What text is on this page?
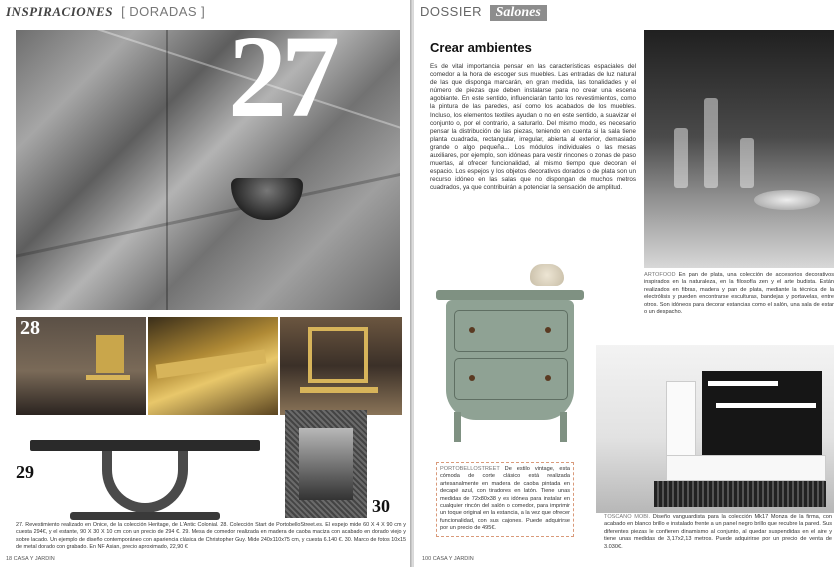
INSPIRACIONES [ DORADAS ] 27
28
29
30
27. Revestimiento realizado en Onice, de la colección Heritage, de L'Antic Colonial. 28. Colección Start de PortobelloStreet.es. El espejo mide 60 X 4 X 90 cm y cuesta 294€, y el estante, 90 X 30 X 10 cm con un precio de 294 €. 29. Mesa de comedor realizada en madera de caoba maciza con acabado en dorado viejo y sobre lacado. Un ejemplo de diseño contemporáneo con apariencia clásica de Christopher Guy. Mide 240x110x75 cm, y cuesta 6.140 €. 30. Marco de fotos 10x15 de metal dorado con grabado. En NF Asian, precio aproximado, 22,90 €
18 CASA Y JARDIN
DOSSIER Salones
Crear ambientes
Es de vital importancia pensar en las características espaciales del comedor a la hora de escoger sus muebles. Las entradas de luz natural de las que disponga marcarán, en gran medida, las tonalidades y el número de piezas que deben instalarse para no crear una escena agobiante. En este sentido, influenciarán tanto los revestimientos, como la pintura de las paredes, así como los acabados de los muebles. Incluso, los elementos textiles ayudan o no en este sentido, a suavizar el conjunto o, por el contrario, a saturarlo. Del mismo modo, es necesario pensar la distribución de las piezas, teniendo en cuenta si la sala tiene planta cuadrada, rectangular, irregular, abierta al exterior, demasiado grande o algo pequeña... Los módulos individuales o las mesas auxiliares, por ejemplo, son idóneas para vestir rincones o zonas de paso muertas, al ofrecer funcionalidad, al mismo tiempo que decoran el espacio. Los espejos y los objetos decorativos dorados o de plata son un recurso idóneo en las salas que no dispongan de muchos metros cuadrados, ya que contribuirán a potenciar la sensación de amplitud.
ARTOFOOD En pan de plata, una colección de accesorios decorativos inspirados en la naturaleza, en la filosofía zen y el arte budista. Están realizados en fibras, madera y pan de plata, mediante la técnica de la electrólisis y pueden encontrarse esculturas, bandejas y portavelas, entre otros. Son idóneos para decorar estancias como el salón, una sala de estar o un despacho.
PORTOBELLOSTREET De estilo vintage, esta cómoda de corte clásico está realizada artesanalmente en madera de caoba pintada en decapé azul, con tiradores en latón. Tiene unas medidas de 72x80x38 y es idónea para instalar en cualquier rincón del salón o comedor, para imprimir un toque original en la estancia, a la vez que ofrecer funcionalidad, con sus cajones. Puede adquirirse por un precio de 495€.
TOSCANO MOBI. Diseño vanguardista para la colección Mk17 Monza de la firma, con acabado en blanco brillo e instalado frente a un panel negro brillo que recubre la pared. Sus diferentes piezas le confieren dinamismo al conjunto, al quedar suspendidas en el aire y tiene unas medidas de 3,17x2,13 metros. Puede adquirirse por un precio de venta de 3.030€.
100 CASA Y JARDIN
